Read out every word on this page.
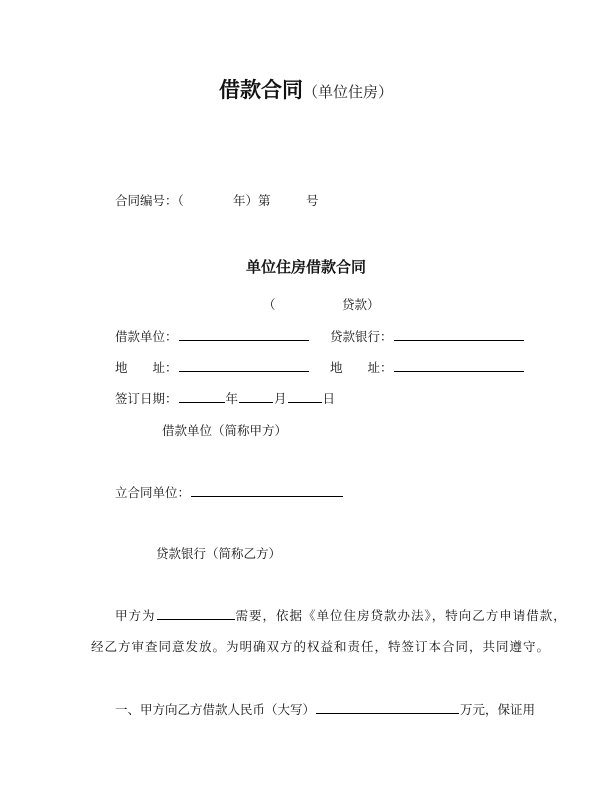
借款合同（单位住房）
合同编号：（	年）第	号
单位住房借款合同
（	贷款）
借款单位：	贷款银行：
地　　址：	地　　址：
签订日期：	年	月	日
借款单位（简称甲方）
立合同单位：
贷款银行（简称乙方）
甲方为	需要，依据《单位住房贷款办法》，特向乙方申请借款，
经乙方审查同意发放。为明确双方的权益和责任，特签订本合同，共同遵守。
一、甲方向乙方借款人民币（大写）	万元，保证用
